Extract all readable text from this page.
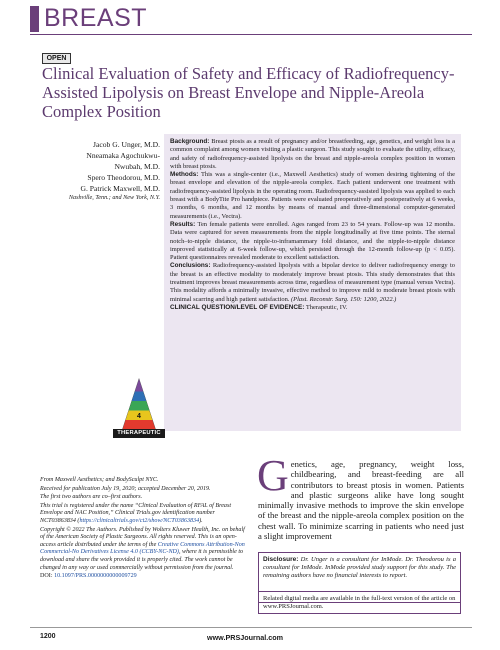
BREAST
OPEN
Clinical Evaluation of Safety and Efficacy of Radiofrequency-Assisted Lipolysis on Breast Envelope and Nipple-Areola Complex Position
Jacob G. Unger, M.D.
Nneamaka Agochukwu-
Nwubah, M.D.
Spero Theodorou, M.D.
G. Patrick Maxwell, M.D.
Nashville, Tenn.; and New York, N.Y.

Background: Breast ptosis as a result of pregnancy and/or breastfeeding, age, genetics, and weight loss is a common complaint among women visiting a plastic surgeon. This study sought to evaluate the utility, efficacy, and safety of radiofrequency-assisted lipolysis on the breast and nipple-areola complex position in women with breast ptosis.

Methods: This was a single-center (i.e., Maxwell Aesthetics) study of women desiring tightening of the breast envelope and elevation of the nipple-areola complex. Each patient underwent one treatment with radiofrequency-assisted lipolysis in the operating room. Radiofrequency-assisted lipolysis was applied to each breast with a BodyTite Pro handpiece. Patients were evaluated preoperatively and postoperatively at 6 weeks, 3 months, 6 months, and 12 months by means of manual and three-dimensional computer-generated measurements (i.e., Vectra).

Results: Ten female patients were enrolled. Ages ranged from 23 to 54 years. Follow-up was 12 months. Data were captured for seven measurements from the nipple longitudinally at five time points. The sternal notch–to-nipple distance, the nipple-to-inframammary fold distance, and the nipple-to-nipple distance improved statistically at 6-week follow-up, which persisted through the 12-month follow-up (p < 0.05). Patient questionnaires revealed moderate to excellent satisfaction.

Conclusions: Radiofrequency-assisted lipolysis with a bipolar device to deliver radiofrequency energy to the breast is an effective modality to moderately improve breast ptosis. This study demonstrates that this treatment improves breast measurements across time, regardless of measurement type (manual versus Vectra). This modality affords a minimally invasive, effective method to improve mild to moderate breast ptosis with minimal scarring and high patient satisfaction. (Plast. Reconstr. Surg. 150: 1200, 2022.)

CLINICAL QUESTION/LEVEL OF EVIDENCE: Therapeutic, IV.

4
THERAPEUTIC

From Maxwell Aesthetics; and BodySculpt NYC.

Received for publication July 19, 2020; accepted December 20, 2019.

The first two authors are co–first authors.

This trial is registered under the name “Clinical Evaluation of RFAL of Breast Envelope and NAC Position,” Clinical Trials.gov identification number NCT03863834 (https://clinicaltrials.gov/ct2/show/NCT03863834).

Copyright © 2022 The Authors. Published by Wolters Kluwer Health, Inc. on behalf of the American Society of Plastic Surgeons. All rights reserved. This is an open-access article distributed under the terms of the Creative Commons Attribution-Non Commercial-No Derivatives License 4.0 (CCBY-NC-ND), where it is permissible to download and share the work provided it is properly cited. The work cannot be changed in any way or used commercially without permission from the journal.

DOI: 10.1097/PRS.0000000000009729

Genetics, age, pregnancy, weight loss, childbearing, and breast-feeding are all contributors to breast ptosis in women. Patients and plastic surgeons alike have long sought minimally invasive methods to improve the skin envelope of the breast and the nipple-areola complex position on the chest wall. To minimize scarring in patients who need just a slight improvement
Disclosure: Dr. Unger is a consultant for InMode. Dr. Theodorou is a consultant for InMode. InMode provided study support for this study. The remaining authors have no financial interests to report.
Related digital media are available in the full-text version of the article on www.PRSJournal.com.
1200	www.PRSJournal.com
